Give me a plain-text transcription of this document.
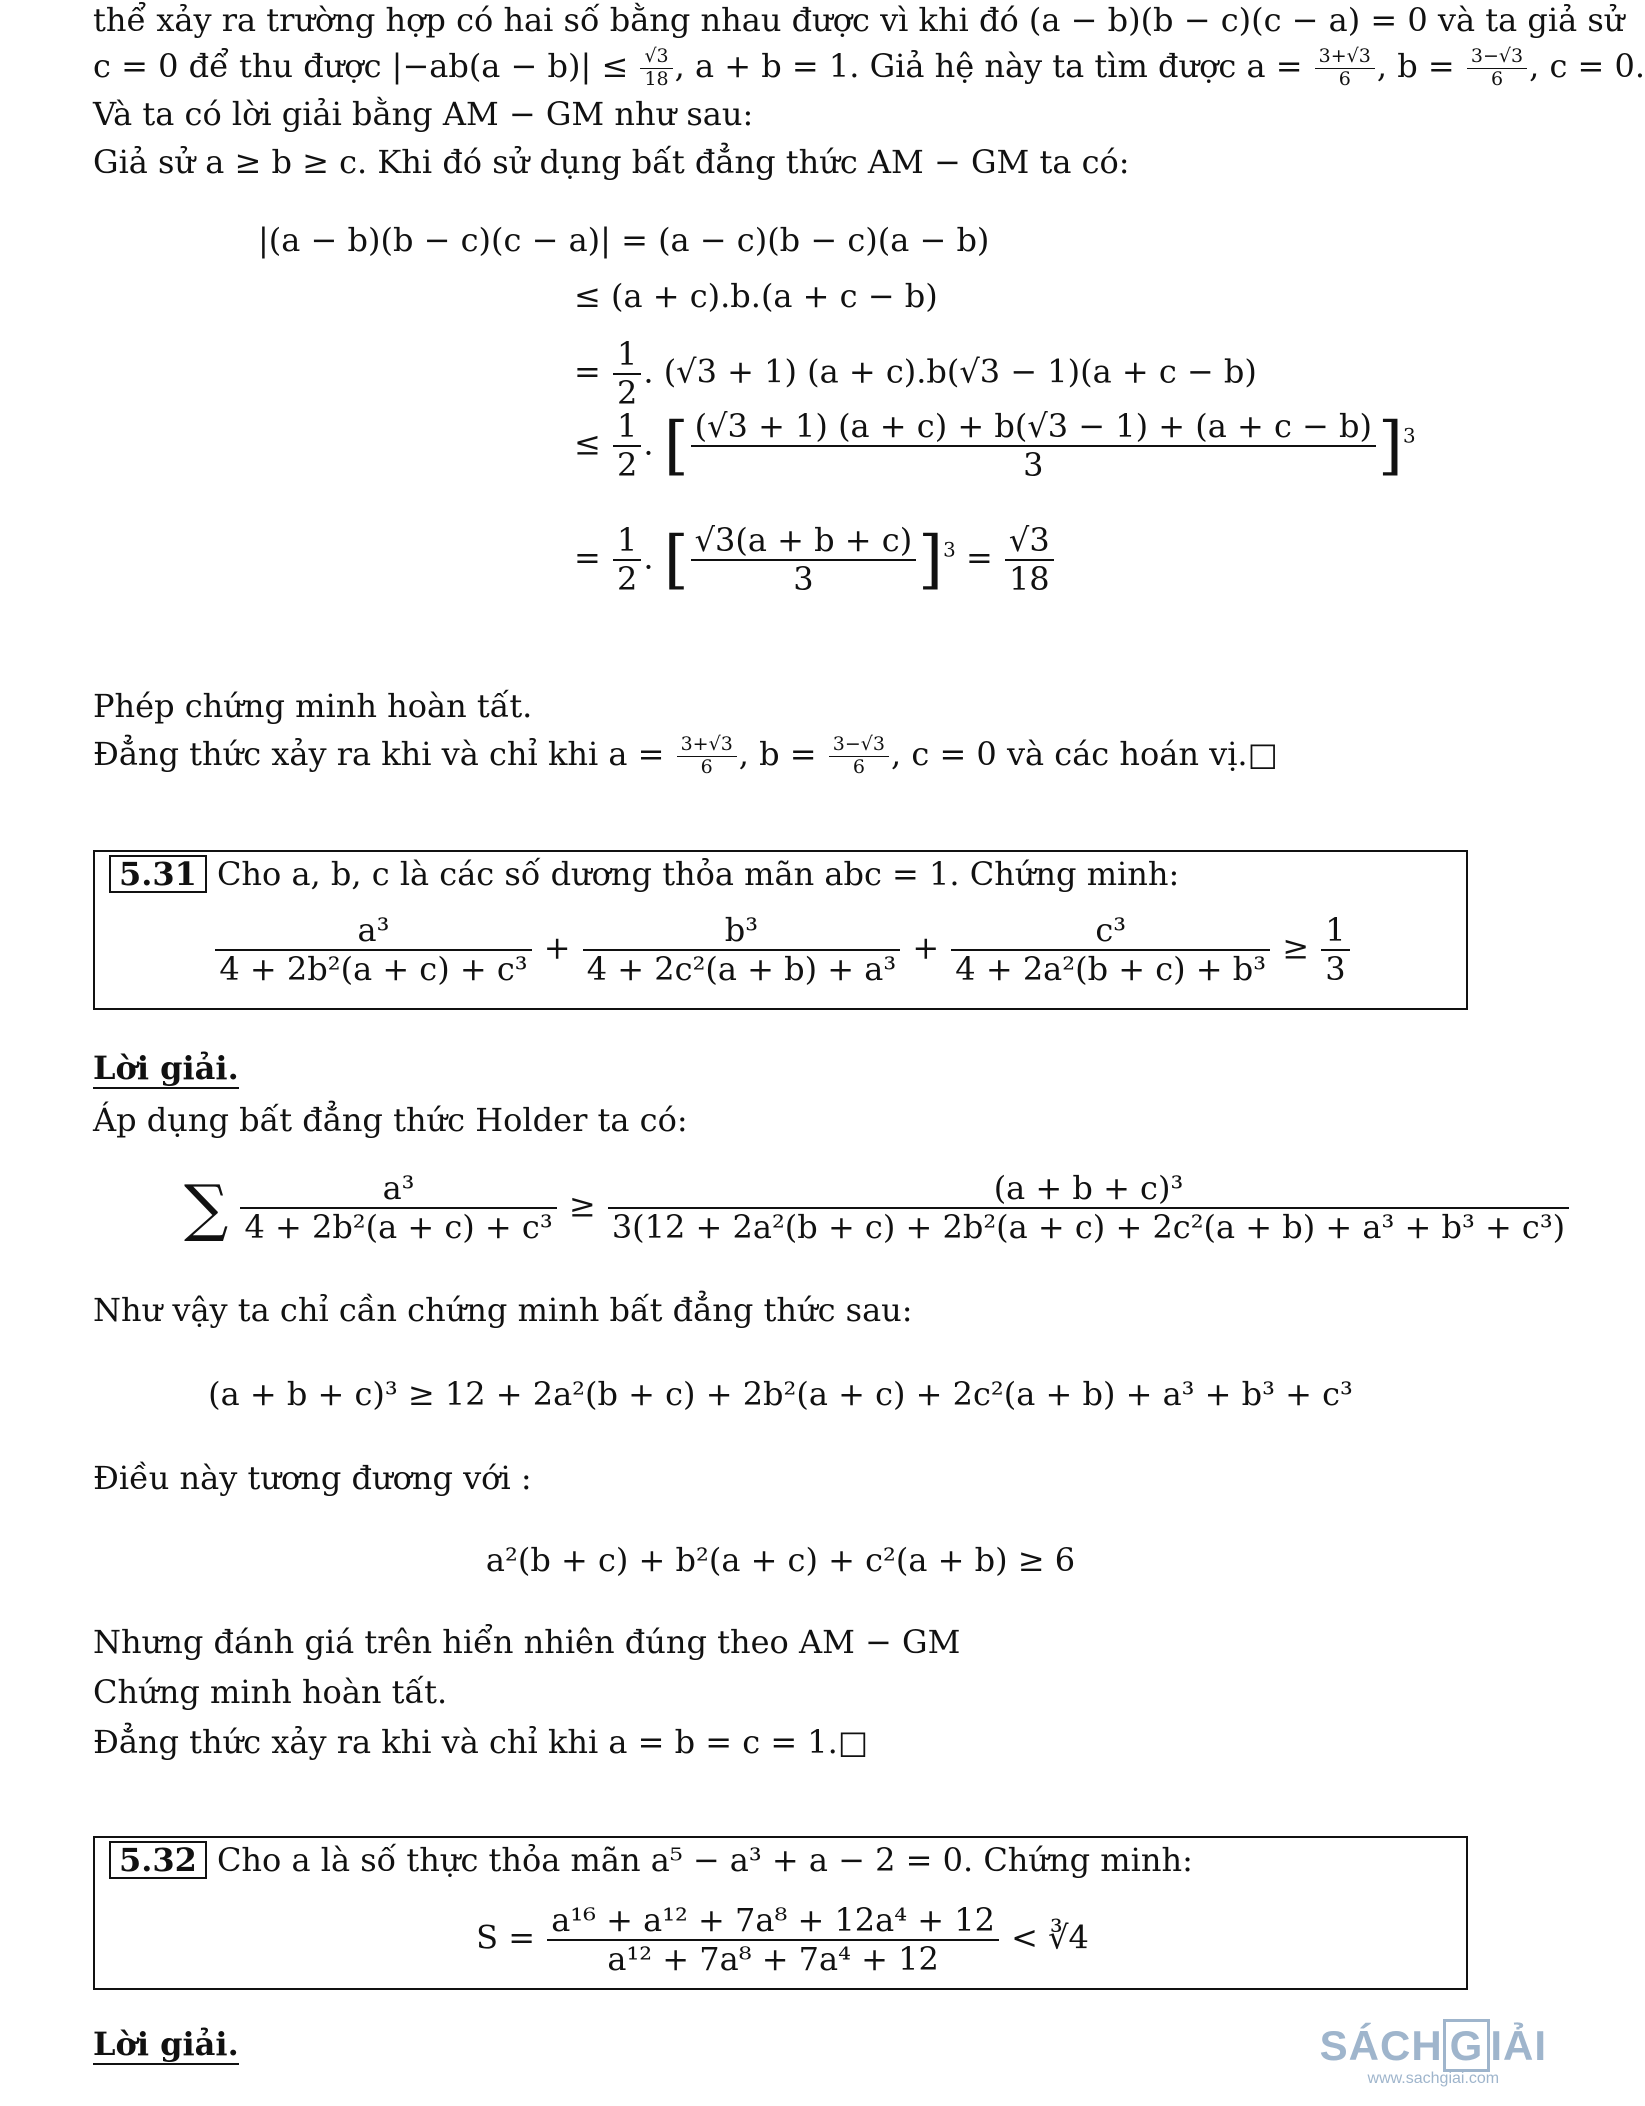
thể xảy ra trường hợp có hai số bằng nhau được vì khi đó (a − b)(b − c)(c − a) = 0 và ta giả sử
c = 0 để thu được $|-ab(a - b)| \le \frac{√3}{18}$ , a + b = 1. Giả hệ này ta tìm được $a = \frac{3+√3}{6}$ , $b = \frac{3-√3}{6}$ , c = 0.
Và ta có lời giải bằng AM − GM như sau:
Giả sử a ≥ b ≥ c. Khi đó sử dụng bất đẳng thức AM − GM ta có:
|(a − b)(b − c)(c − a)| = (a − c)(b − c)(a − b)
≤ (a + c).b.(a + c − b)
= $\frac{1}{2}$ . (√3 + 1) (a + c).b(√3 − 1)(a + c − b)
≤ $\frac{1}{2}$ . [ $\frac{(√3 + 1) (a + c) + b(√3 - 1) + (a + c - b)}{3} ]^3$
= $\frac{1}{2}$ . [ $\frac{√3(a + b + c)}{3} ]^3 = \frac{√3}{18}$
Phép chứng minh hoàn tất.
Đẳng thức xảy ra khi và chỉ khi $a = \frac{3+√3}{6}$ , $b = \frac{3-√3}{6}$ , c = 0 và các hoán vị.□
5.31 Cho a, b, c là các số dương thỏa mãn abc = 1. Chứng minh:
$\frac{\text{a³}}{\text{4 + 2b²(a + c) + c³}} + \frac{\text{b³}}{\text{4 + 2c²(a + b) + a³}} + \frac{\text{c³}}{\text{4 + 2a²(b + c) + b³}} \ge \frac{1}{3}$
Lời giải.
Áp dụng bất đẳng thức Holder ta có:
∑ $\frac{\text{a³}}{\text{4 + 2b²(a + c) + c³}} \ge \frac{\text{(a + b + c)³}}{\text{3(12 + 2a²(b + c) + 2b²(a + c) + 2c²(a + b) + a³ + b³ + c³)}}$
Như vậy ta chỉ cần chứng minh bất đẳng thức sau:
(a + b + c)³ ≥ 12 + 2a²(b + c) + 2b²(a + c) + 2c²(a + b) + a³ + b³ + c³
Điều này tương đương với :
a²(b + c) + b²(a + c) + c²(a + b) ≥ 6
Nhưng đánh giá trên hiển nhiên đúng theo AM − GM
Chứng minh hoàn tất.
Đẳng thức xảy ra khi và chỉ khi a = b = c = 1.□
5.32 Cho a là số thực thỏa mãn a⁵ − a³ + a − 2 = 0. Chứng minh:
$S = \frac{\text{a¹⁶ + a¹² + 7a⁸ + 12a⁴ + 12}}{\text{a¹² + 7a⁸ + 7a⁴ + 12}}$ < ∛4
Lời giải.	SÁCH G IẢI
www.sachgiai.com
